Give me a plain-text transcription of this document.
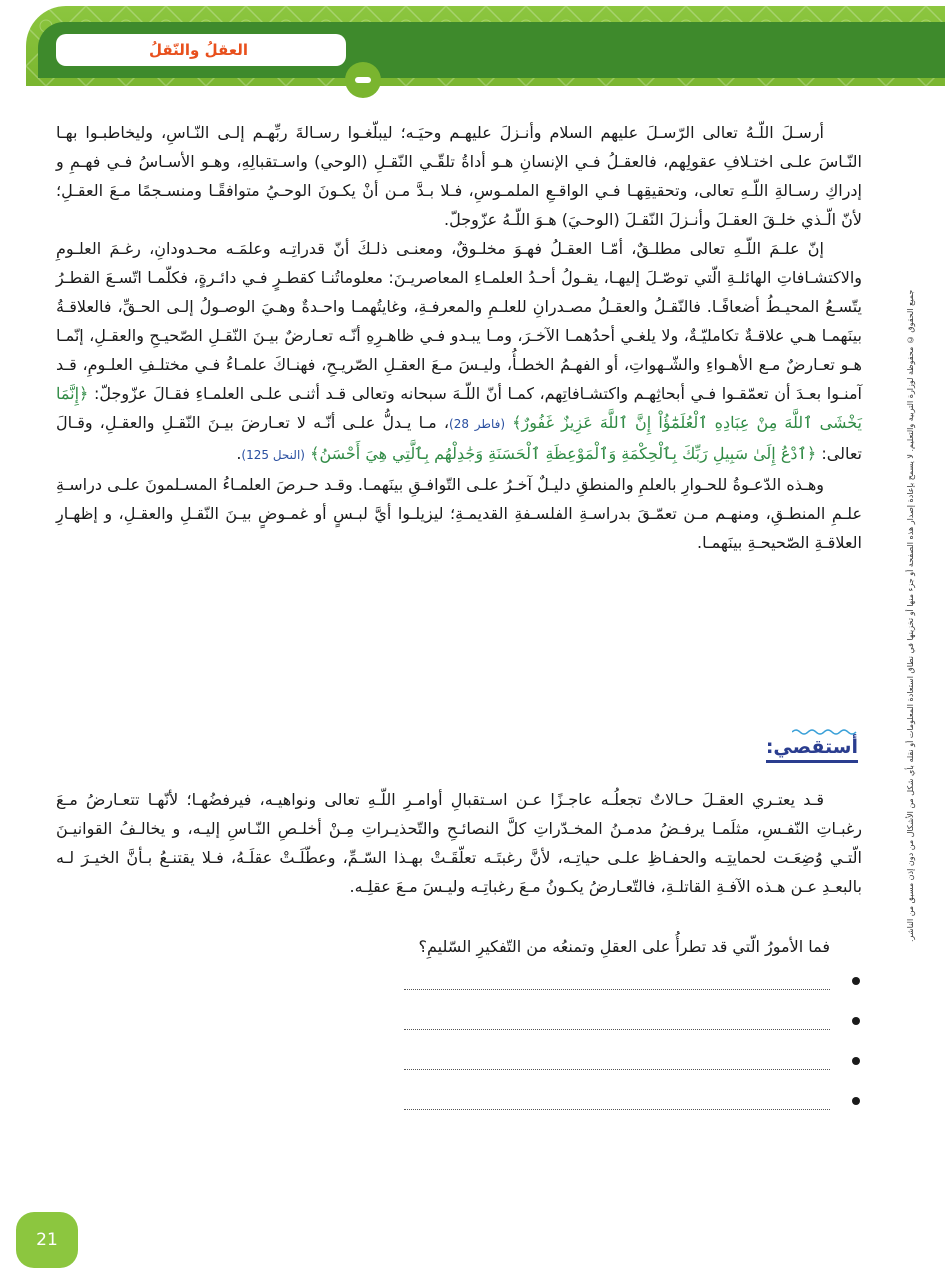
العقلُ والنّقلُ

أرسـلَ اللّـهُ تعالى الرّسـلَ عليهم السلام وأنـزلَ عليهـم وحيَـه؛ ليبلّغـوا رسـالةَ ربِّهـم إلـى النّـاسِ، وليخاطبـوا بهـا النّـاسَ علـى اختـلافِ عقولِهم، فالعقـلُ فـي الإنسانِ هـو أداةُ تلقّـي النّقـلِ (الوحي) واسـتقبالِهِ، وهـو الأسـاسُ فـي فهـمِ و إدراكِ رسـالةِ اللّـهِ تعالى، وتحقيقِهـا فـي الواقـعِ الملمـوسِ، فـلا بـدَّ مـن أنْ يكـونَ الوحـيُ متوافقًـا ومنسـجمًا مـعَ العقـلِ؛ لأنّ الّـذي خلـقَ العقـلَ وأنـزلَ النّقـلَ (الوحـيَ) هـوَ اللّـهُ عزّوجلّ.

إنّ علـمَ اللّـهِ تعالى مطلـقٌ، أمّـا العقـلُ فهـوَ مخلـوقٌ، ومعنـى ذلـكَ أنّ قدراتِـه وعلمَـه محـدودانِ، رغـمَ العلـومِ والاكتشـافاتِ الهائلـةِ الّتي توصّـلَ إليهـا، يقـولُ أحـدُ العلمـاءِ المعاصريـنَ: معلوماتُنـا كقطـرٍ فـي دائـرةٍ، فكلّمـا اتّسـعَ القطـرُ يتّسـعُ المحيـطُ أضعافًـا. فالنّقـلُ والعقـلُ مصـدرانِ للعلـمِ والمعرفـةِ، وغايتُهمـا واحـدةٌ وهـيَ الوصـولُ إلـى الحـقِّ، فالعلاقـةُ بينَهمـا هـي علاقـةٌ تكامليّـةٌ، ولا يلغـي أحدُهمـا الآخـرَ، ومـا يبـدو فـي ظاهـرِهِ أنّـه تعـارضٌ بيـنَ النّقـلِ الصّحيـحِ والعقـلِ، إنّمـا هـو تعـارضٌ مـع الأهـواءِ والشّـهواتِ، أو الفهـمُ الخطـأُ، وليـسَ مـعَ العقـلِ الصّريـحِ، فهنـاكَ علمـاءُ فـي مختلـفِ العلـومِ، قـد آمنـوا بعـدَ أن تعمّقـوا فـي أبحاثِهـم واكتشـافاتِهم، كمـا أنّ اللّـهَ سبحانه وتعالى قـد أثنـى علـى العلمـاءِ فقـالَ عزّوجلّ: ﴿إِنَّمَا يَخْشَى ٱللَّهَ مِنْ عِبَادِهِ ٱلْعُلَمَٰٓؤُاْ إِنَّ ٱللَّهَ عَزِيزٌ غَفُورٌ﴾ (فاطر 28)، مـا يـدلُّ علـى أنّـه لا تعـارضَ بيـنَ النّقـلِ والعقـلِ، وقـالَ تعالى: ﴿ٱدْعُ إِلَىٰ سَبِيلِ رَبِّكَ بِٱلْحِكْمَةِ وَٱلْمَوْعِظَةِ ٱلْحَسَنَةِ وَجَٰدِلْهُم بِٱلَّتِي هِيَ أَحْسَنُ﴾ (النحل 125).

وهـذه الدّعـوةُ للحـوارِ بالعلمِ والمنطقِ دليـلٌ آخـرُ علـى التّوافـقِ بينَهمـا. وقـد حـرصَ العلمـاءُ المسـلمونَ علـى دراسـةِ علـمِ المنطـقِ، ومنهـم مـن تعمّـقَ بدراسـةِ الفلسـفةِ القديمـةِ؛ ليزيلـوا أيَّ لبـسٍ أو غمـوضٍ بيـنَ النّقـلِ والعقـلِ، و إظهـارِ العلاقـةِ الصّحيحـةِ بينَهمـا.

أستقصي:

قـد يعتـري العقـلَ حـالاتٌ تجعلُـه عاجـزًا عـن اسـتقبالِ أوامـرِ اللّـهِ تعالى ونواهيـه، فيرفضُهـا؛ لأنّهـا تتعـارضُ مـعَ رغبـاتِ النّفـسِ، مثلَمـا يرفـضُ مدمـنُ المخـدّراتِ كلَّ النصائـحِ والتّحذيـراتِ مِـنْ أخلـصِ النّـاسِ إليـه، و يخالـفُ القوانيـنَ الّتـي وُضِعَـت لحمايتِـه والحفـاظِ علـى حياتِـه، لأنَّ رغبتَـه تعلّقَـتْ بهـذا السّـمِّ، وعطّلَـتْ عقلَـهُ، فـلا يقتنـعُ بـأنَّ الخيـرَ لـه بالبعـدِ عـن هـذه الآفـةِ القاتلـةِ، فالتّعـارضُ يكـونُ مـعَ رغباتِـه وليـسَ مـعَ عقلِـه.

فما الأمورُ الّتي قد تطرأُ على العقلِ وتمنعُه من التّفكيرِ السّليمِ؟
جميع الحقوق © محفوظة لوزارة التربية والتعليم. لا يسمح بإعادة إصدار هذه الصفحة أو جزء منها أو تخزينها في نطاق استعادة المعلومات أو نقله بأي شكل من الأشكال من دون إذن مسبق من الناشر.
21
